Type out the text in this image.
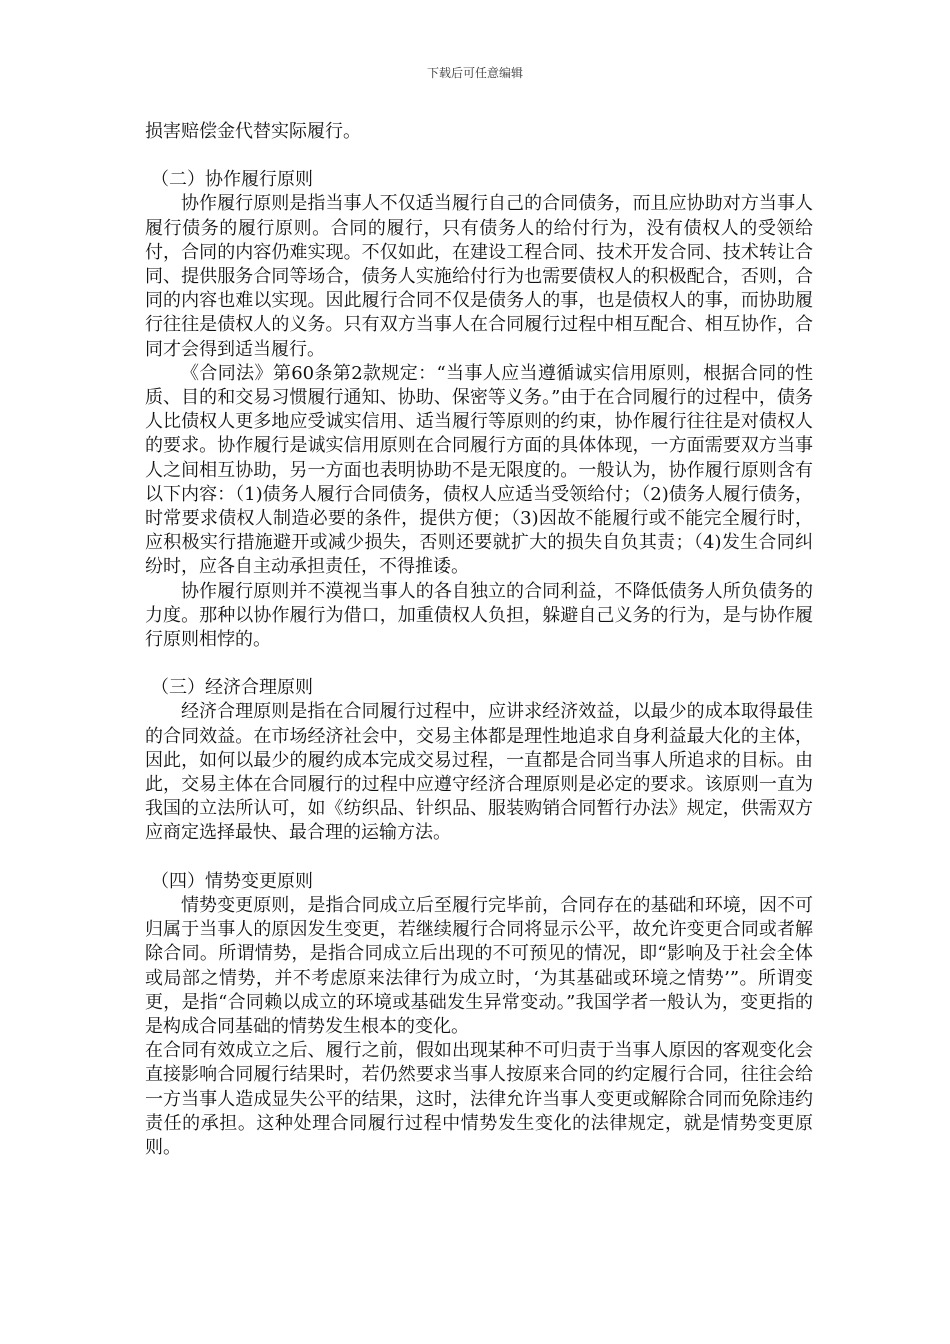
下载后可任意编辑

损害赔偿金代替实际履行。

（二）协作履行原则

协作履行原则是指当事人不仅适当履行自己的合同债务，而且应协助对方当事人履行债务的履行原则。合同的履行，只有债务人的给付行为，没有债权人的受领给付，合同的内容仍难实现。不仅如此，在建设工程合同、技术开发合同、技术转让合同、提供服务合同等场合，债务人实施给付行为也需要债权人的积极配合，否则，合同的内容也难以实现。因此履行合同不仅是债务人的事，也是债权人的事，而协助履行往往是债权人的义务。只有双方当事人在合同履行过程中相互配合、相互协作，合同才会得到适当履行。

《合同法》第60条第2款规定：“当事人应当遵循诚实信用原则，根据合同的性质、目的和交易习惯履行通知、协助、保密等义务。”由于在合同履行的过程中，债务人比债权人更多地应受诚实信用、适当履行等原则的约束，协作履行往往是对债权人的要求。协作履行是诚实信用原则在合同履行方面的具体体现，一方面需要双方当事人之间相互协助，另一方面也表明协助不是无限度的。一般认为，协作履行原则含有以下内容：（1)债务人履行合同债务，债权人应适当受领给付；（2)债务人履行债务，时常要求债权人制造必要的条件，提供方便；（3)因故不能履行或不能完全履行时，应积极实行措施避开或减少损失，否则还要就扩大的损失自负其责；（4)发生合同纠纷时，应各自主动承担责任，不得推诿。

协作履行原则并不漠视当事人的各自独立的合同利益，不降低债务人所负债务的力度。那种以协作履行为借口，加重债权人负担，躲避自己义务的行为，是与协作履行原则相悖的。

（三）经济合理原则

经济合理原则是指在合同履行过程中，应讲求经济效益，以最少的成本取得最佳的合同效益。在市场经济社会中，交易主体都是理性地追求自身利益最大化的主体，因此，如何以最少的履约成本完成交易过程，一直都是合同当事人所追求的目标。由此，交易主体在合同履行的过程中应遵守经济合理原则是必定的要求。该原则一直为我国的立法所认可，如《纺织品、针织品、服装购销合同暂行办法》规定，供需双方应商定选择最快、最合理的运输方法。

（四）情势变更原则

情势变更原则，是指合同成立后至履行完毕前，合同存在的基础和环境，因不可归属于当事人的原因发生变更，若继续履行合同将显示公平，故允许变更合同或者解除合同。所谓情势，是指合同成立后出现的不可预见的情况，即“影响及于社会全体或局部之情势，并不考虑原来法律行为成立时，‘为其基础或环境之情势’”。所谓变更，是指“合同赖以成立的环境或基础发生异常变动。”我国学者一般认为，变更指的是构成合同基础的情势发生根本的变化。

在合同有效成立之后、履行之前，假如出现某种不可归责于当事人原因的客观变化会直接影响合同履行结果时，若仍然要求当事人按原来合同的约定履行合同，往往会给一方当事人造成显失公平的结果，这时，法律允许当事人变更或解除合同而免除违约责任的承担。这种处理合同履行过程中情势发生变化的法律规定，就是情势变更原则。
